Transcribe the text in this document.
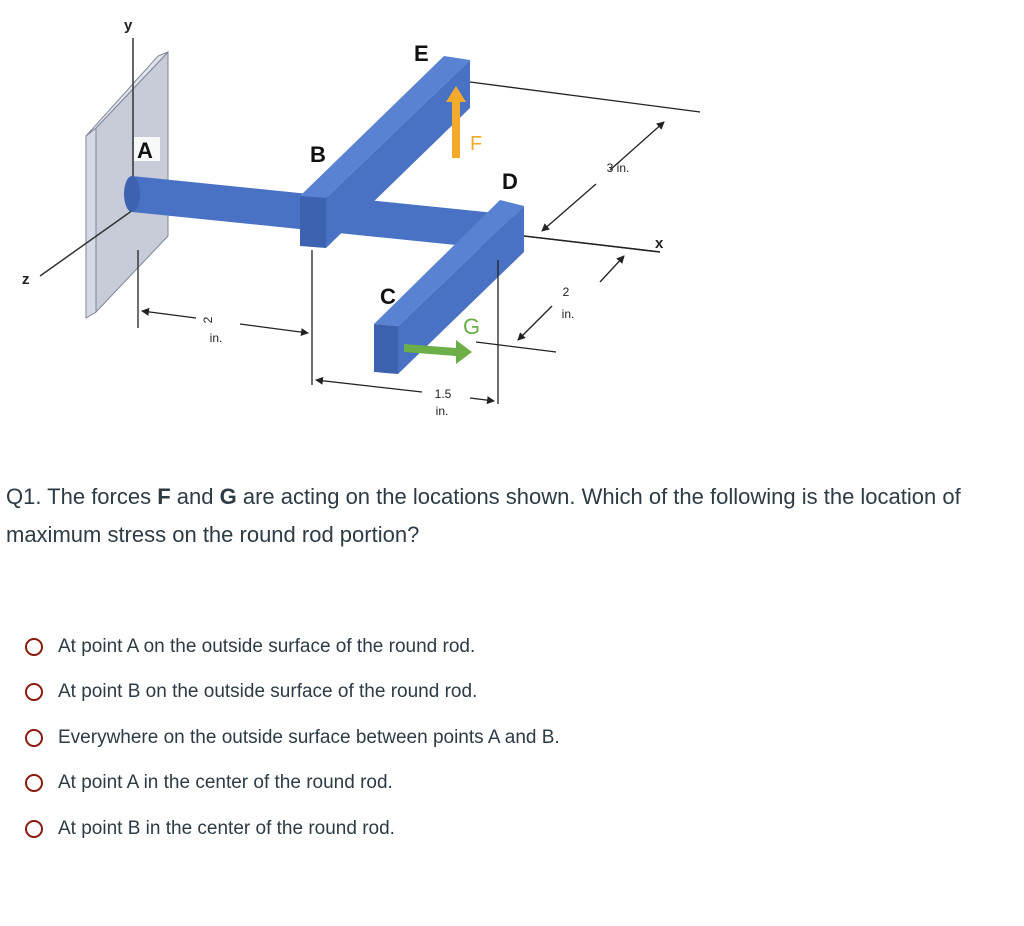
y
z
x
F
G
A	B
C
D
E
2
in.
1.5
in.
3 in.
2
in.
Q1. The forces F and G are acting on the locations shown. Which of the following is the location of maximum stress on the round rod portion?
At point A on the outside surface of the round rod.
At point B on the outside surface of the round rod.
Everywhere on the outside surface between points A and B.
At point A in the center of the round rod.
At point B in the center of the round rod.
